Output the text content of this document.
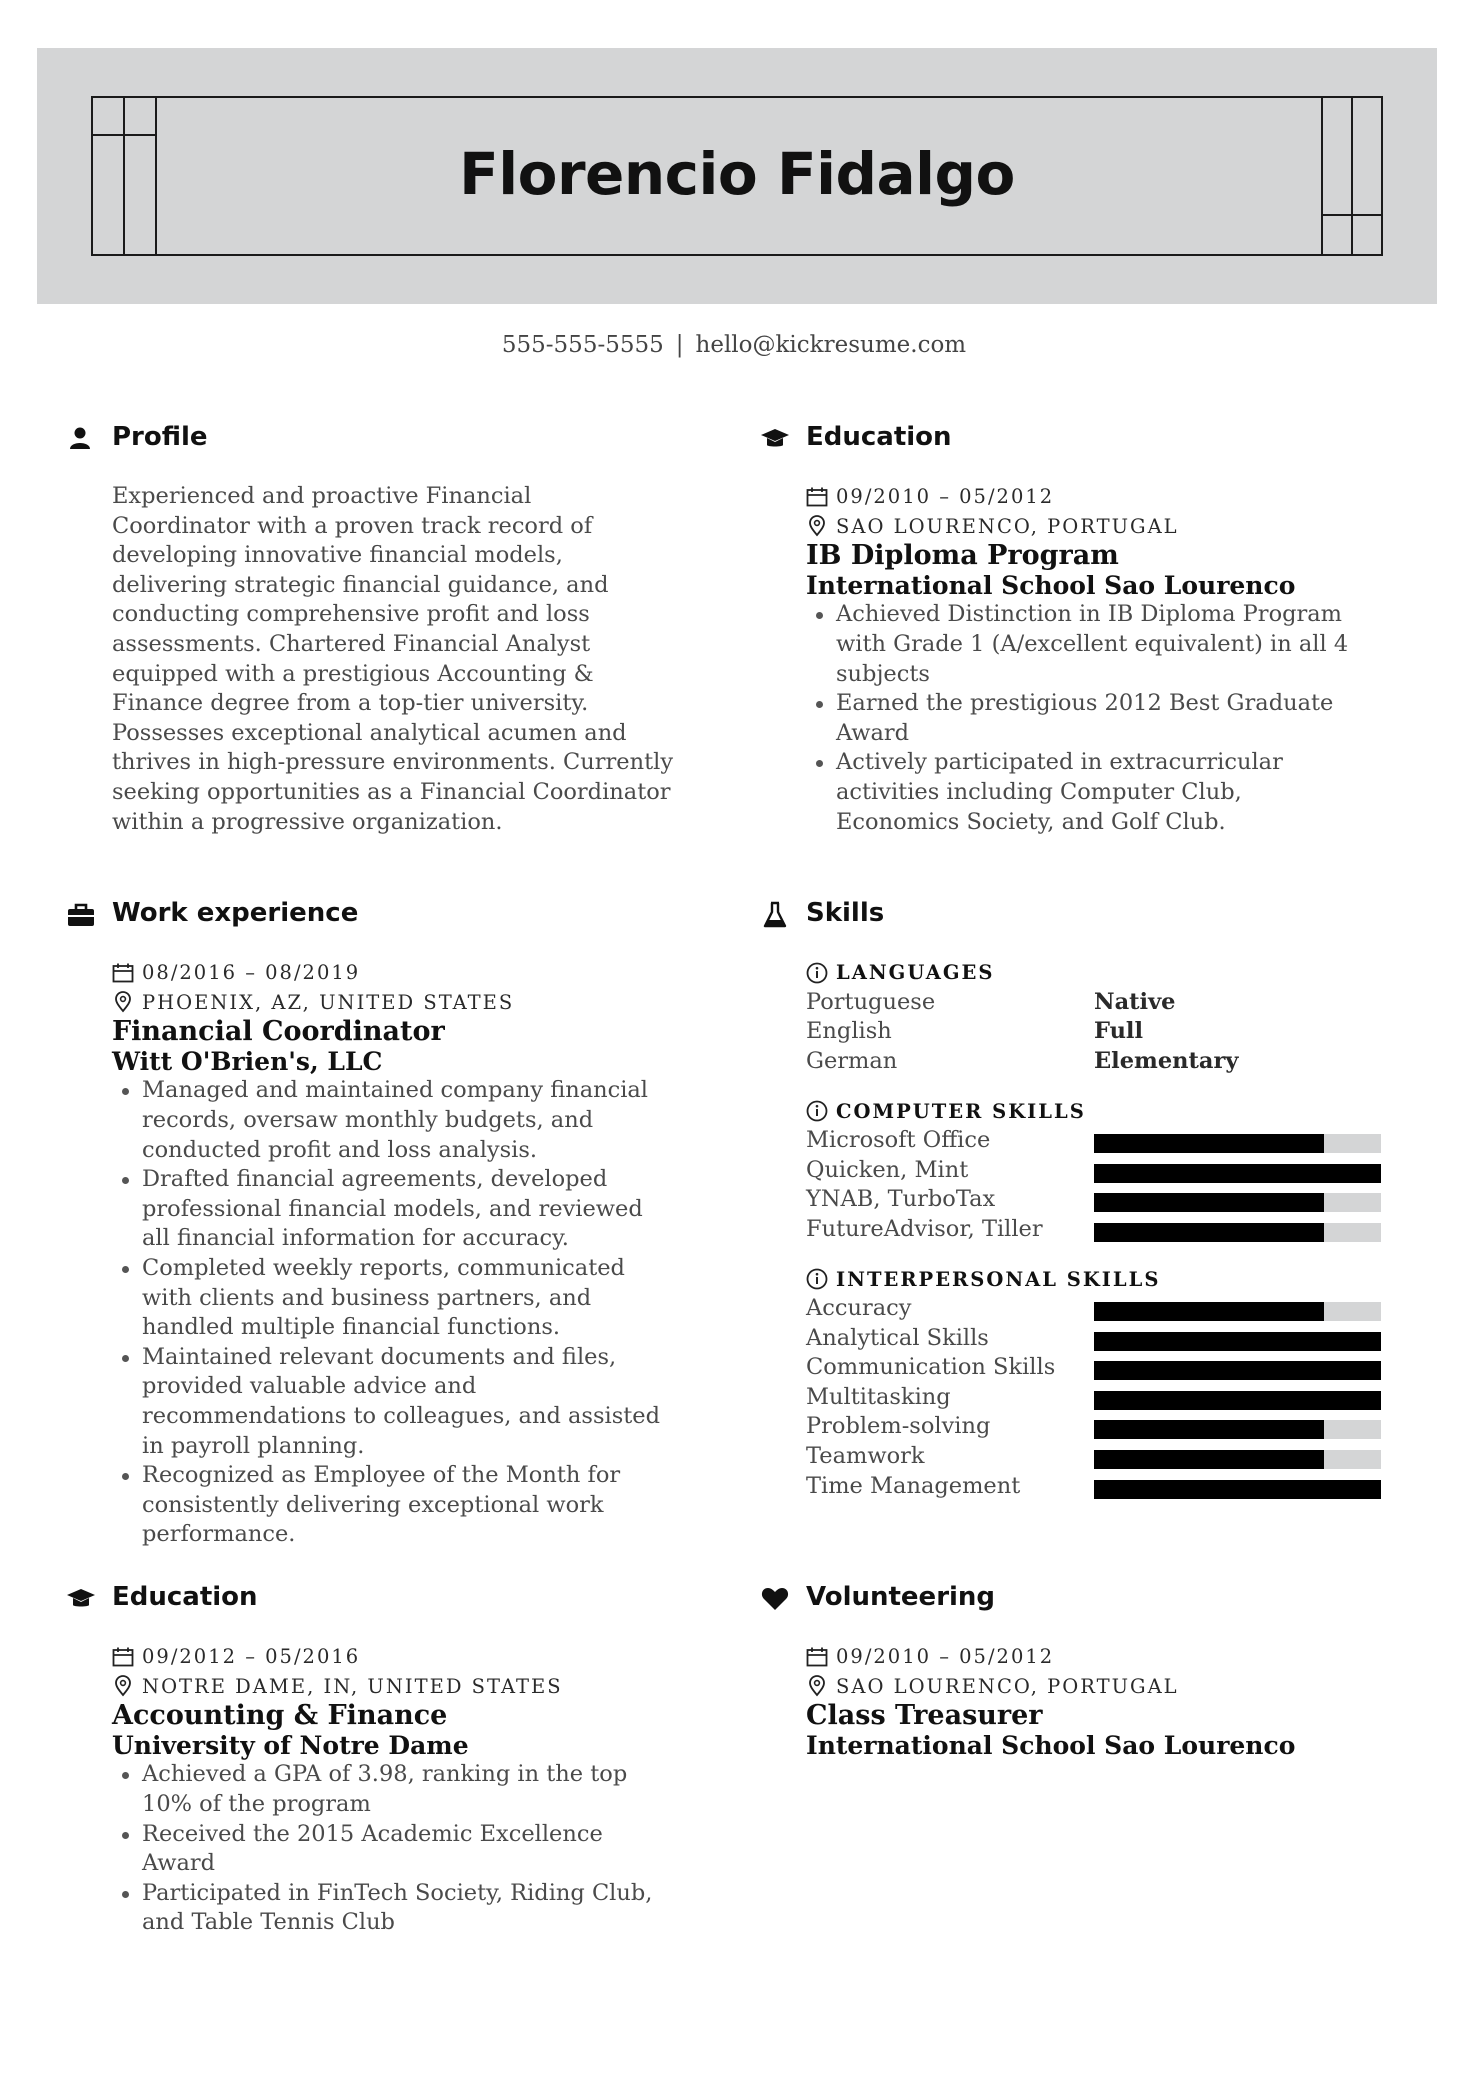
Florencio Fidalgo
555-555-5555 | hello@kickresume.com
Profile

Experienced and proactive Financial Coordinator with a proven track record of developing innovative financial models, delivering strategic financial guidance, and conducting comprehensive profit and loss assessments. Chartered Financial Analyst equipped with a prestigious Accounting & Finance degree from a top-tier university. Possesses exceptional analytical acumen and thrives in high-pressure environments. Currently seeking opportunities as a Financial Coordinator within a progressive organization.

Education
09/2010 – 05/2012
SAO LOURENCO, PORTUGAL
IB Diploma Program
International School Sao Lourenco
Achieved Distinction in IB Diploma Program with Grade 1 (A/excellent equivalent) in all 4 subjects
Earned the prestigious 2012 Best Graduate Award
Actively participated in extracurricular activities including Computer Club, Economics Society, and Golf Club.
Work experience
08/2016 – 08/2019
PHOENIX, AZ, UNITED STATES
Financial Coordinator
Witt O'Brien's, LLC
Managed and maintained company financial records, oversaw monthly budgets, and conducted profit and loss analysis.
Drafted financial agreements, developed professional financial models, and reviewed all financial information for accuracy.
Completed weekly reports, communicated with clients and business partners, and handled multiple financial functions.
Maintained relevant documents and files, provided valuable advice and recommendations to colleagues, and assisted in payroll planning.
Recognized as Employee of the Month for consistently delivering exceptional work performance.
Skills
LANGUAGES
Portuguese	Native
English	Full
German	Elementary
COMPUTER SKILLS
Microsoft Office
Quicken, Mint
YNAB, TurboTax
FutureAdvisor, Tiller
INTERPERSONAL SKILLS
Accuracy
Analytical Skills
Communication Skills
Multitasking
Problem-solving
Teamwork
Time Management
Education
09/2012 – 05/2016
NOTRE DAME, IN, UNITED STATES
Accounting & Finance
University of Notre Dame
Achieved a GPA of 3.98, ranking in the top 10% of the program
Received the 2015 Academic Excellence Award
Participated in FinTech Society, Riding Club, and Table Tennis Club
Volunteering
09/2010 – 05/2012
SAO LOURENCO, PORTUGAL
Class Treasurer
International School Sao Lourenco
